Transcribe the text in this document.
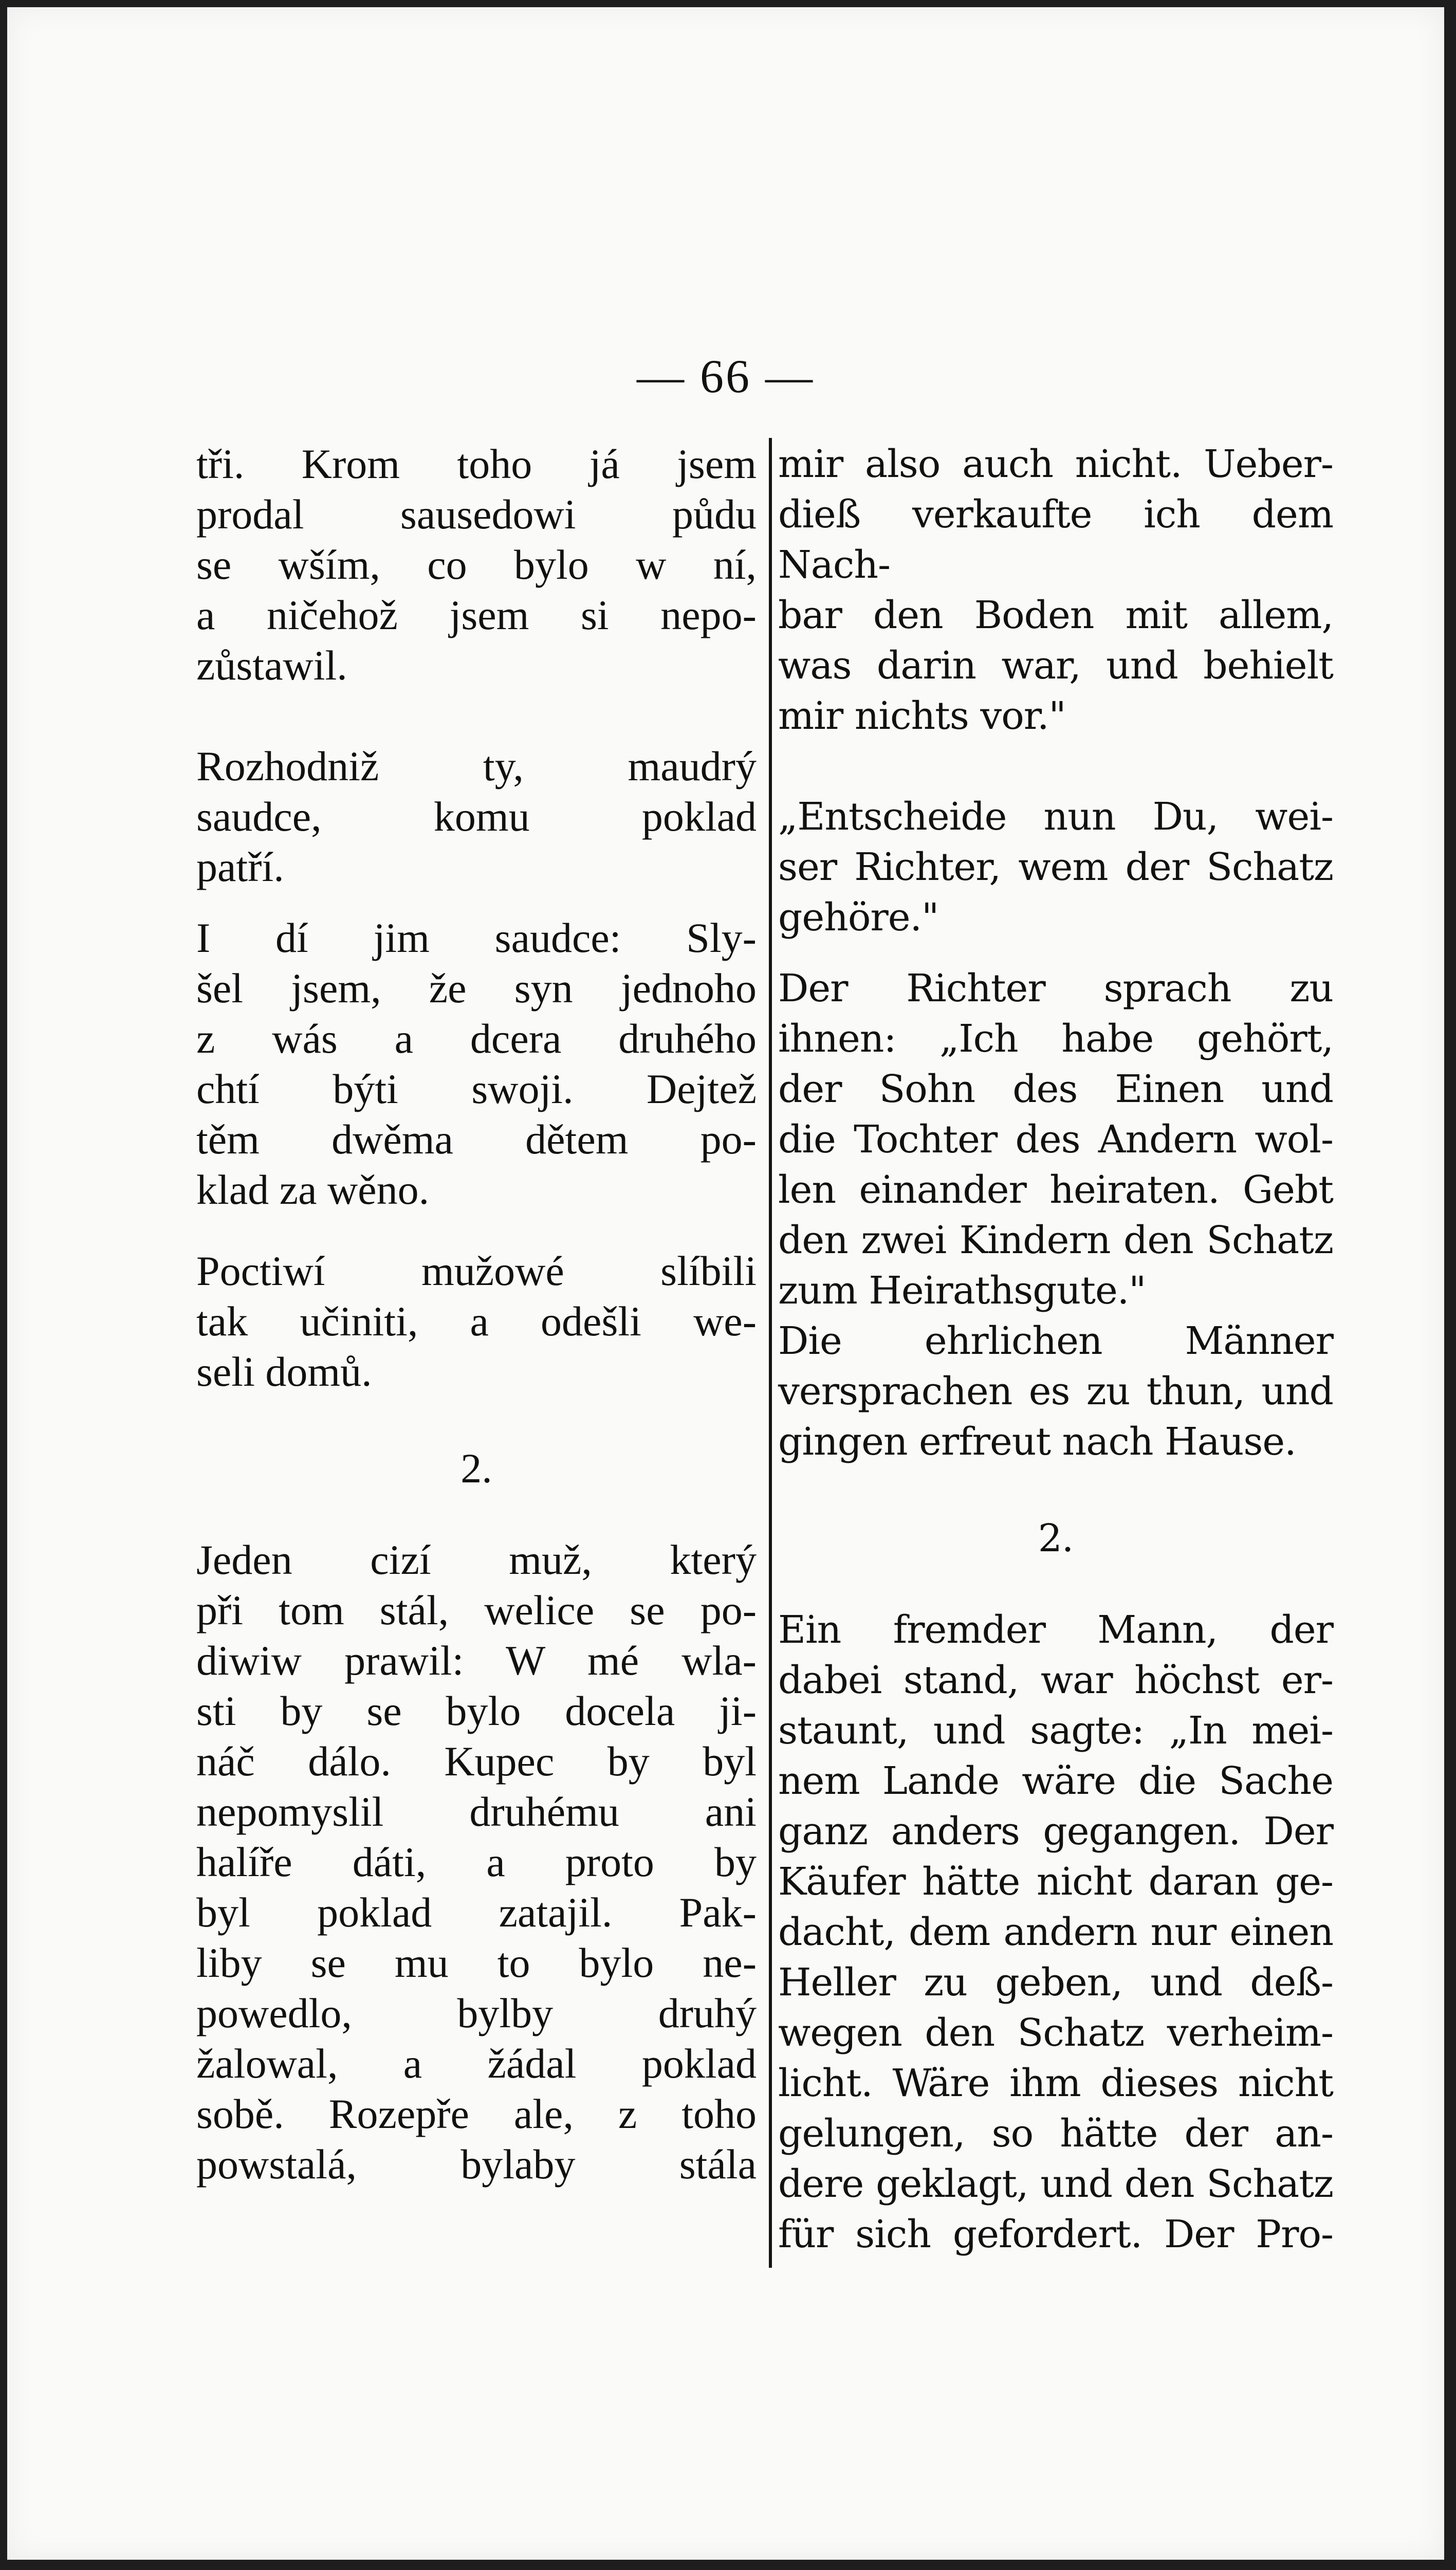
— 66 —

tři. Krom toho já jsem
prodal sausedowi půdu
se wším, co bylo w ní,
a ničehož jsem si nepo-
zůstawil.

Rozhodniž ty, maudrý
saudce, komu poklad
patří.

I dí jim saudce: Sly-
šel jsem, že syn jednoho
z wás a dcera druhého
chtí býti swoji. Dejtež
těm dwěma dětem po-
klad za wěno.

Poctiwí mužowé slíbili
tak učiniti, a odešli we-
seli domů.

2.

Jeden cizí muž, který
při tom stál, welice se po-
diwiw prawil: W mé wla-
sti by se bylo docela ji-
náč dálo. Kupec by byl
nepomyslil druhému ani
halíře dáti, a proto by
byl poklad zatajil. Pak-
liby se mu to bylo ne-
powedlo, bylby druhý
žalowal, a žádal poklad
sobě. Rozepře ale, z toho
powstalá, bylaby stála

mir also auch nicht. Ueber-
dieß verkaufte ich dem Nach-
bar den Boden mit allem,
was darin war, und behielt
mir nichts vor."

„Entscheide nun Du, wei-
ser Richter, wem der Schatz
gehöre."

Der Richter sprach zu
ihnen: „Ich habe gehört,
der Sohn des Einen und
die Tochter des Andern wol-
len einander heiraten. Gebt
den zwei Kindern den Schatz
zum Heirathsgute."

Die ehrlichen Männer
versprachen es zu thun, und
gingen erfreut nach Hause.

2.

Ein fremder Mann, der
dabei stand, war höchst er-
staunt, und sagte: „In mei-
nem Lande wäre die Sache
ganz anders gegangen. Der
Käufer hätte nicht daran ge-
dacht, dem andern nur einen
Heller zu geben, und deß-
wegen den Schatz verheim-
licht. Wäre ihm dieses nicht
gelungen, so hätte der an-
dere geklagt, und den Schatz
für sich gefordert. Der Pro-
